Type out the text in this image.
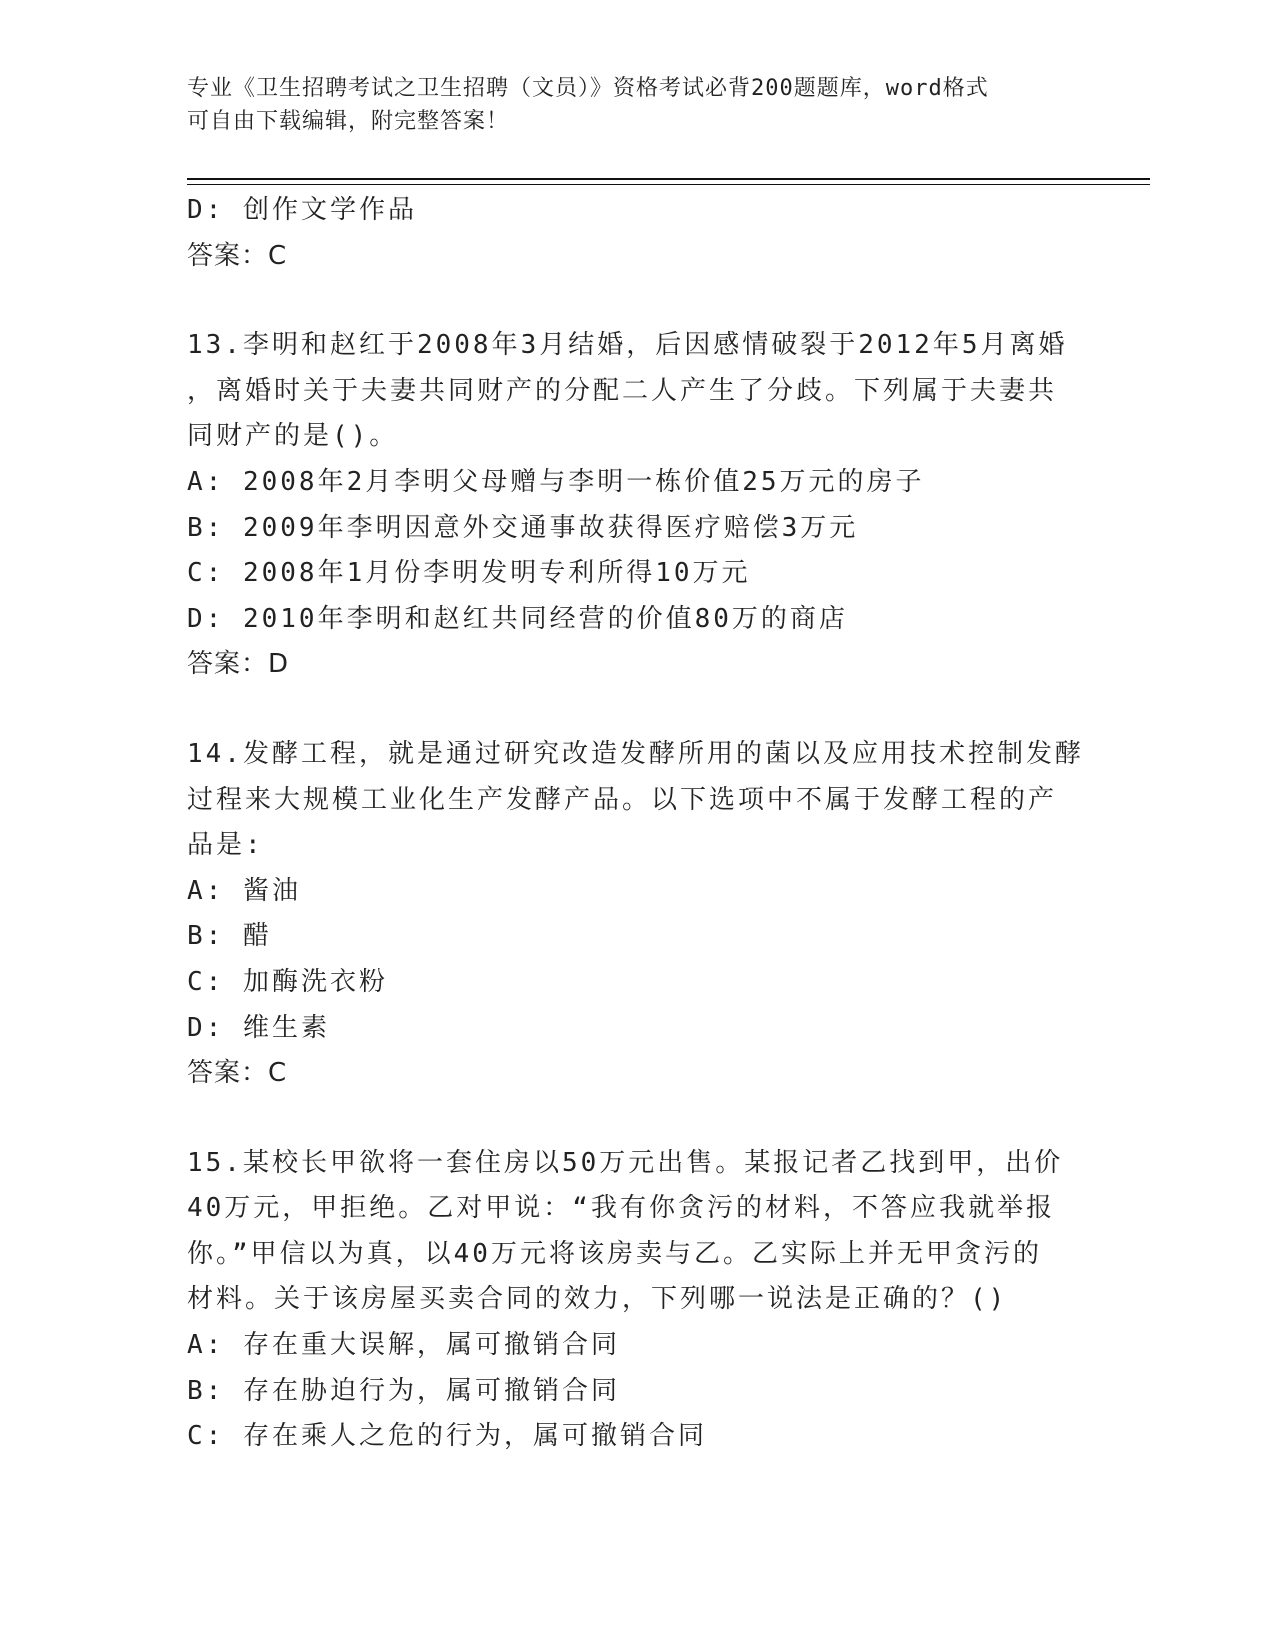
专业《卫生招聘考试之卫生招聘（文员）》资格考试必背200题题库，word格式
可自由下载编辑，附完整答案！
D: 创作文学作品
答案：C
13.李明和赵红于2008年3月结婚，后因感情破裂于2012年5月离婚
，离婚时关于夫妻共同财产的分配二人产生了分歧。下列属于夫妻共
同财产的是()。
A: 2008年2月李明父母赠与李明一栋价值25万元的房子
B: 2009年李明因意外交通事故获得医疗赔偿3万元
C: 2008年1月份李明发明专利所得10万元
D: 2010年李明和赵红共同经营的价值80万的商店
答案：D
14.发酵工程，就是通过研究改造发酵所用的菌以及应用技术控制发酵
过程来大规模工业化生产发酵产品。以下选项中不属于发酵工程的产
品是:
A: 酱油
B: 醋
C: 加酶洗衣粉
D: 维生素
答案：C
15.某校长甲欲将一套住房以50万元出售。某报记者乙找到甲，出价
40万元，甲拒绝。乙对甲说：“我有你贪污的材料，不答应我就举报
你。”甲信以为真，以40万元将该房卖与乙。乙实际上并无甲贪污的
材料。关于该房屋买卖合同的效力，下列哪一说法是正确的？()
A: 存在重大误解，属可撤销合同
B: 存在胁迫行为，属可撤销合同
C: 存在乘人之危的行为，属可撤销合同
